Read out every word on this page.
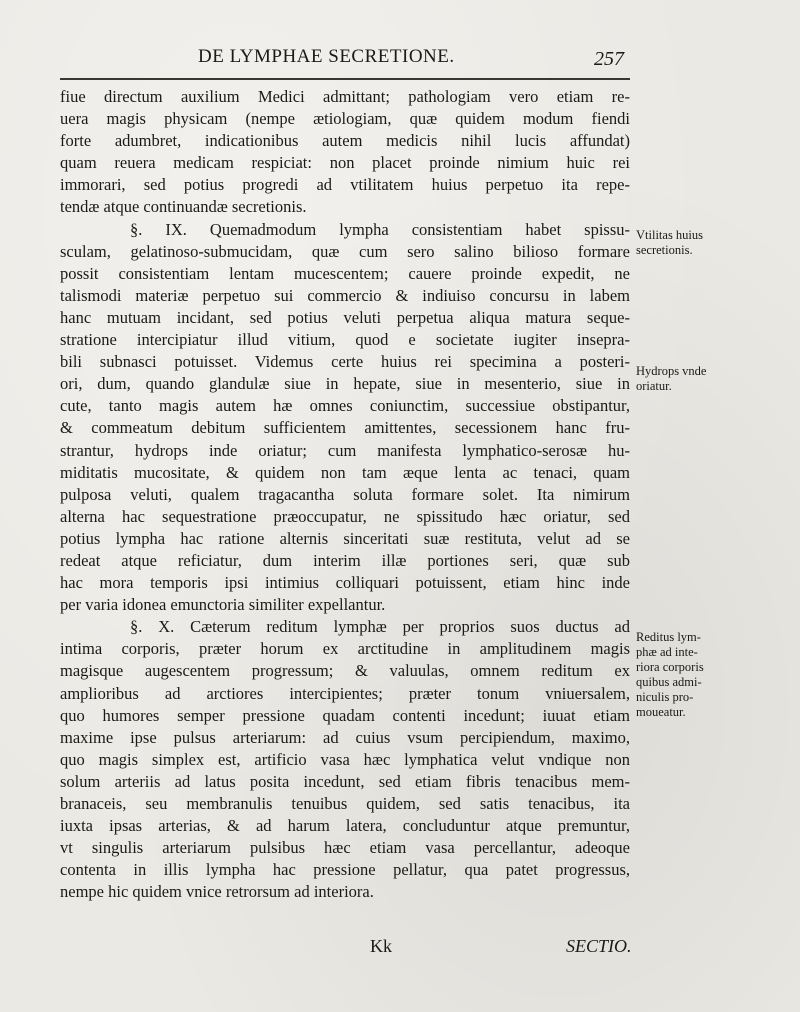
DE LYMPHAE SECRETIONE.	257
fiue directum auxilium Medici admittant; pathologiam vero etiam re-
uera magis physicam (nempe ætiologiam, quæ quidem modum fiendi
forte adumbret, indicationibus autem medicis nihil lucis affundat)
quam reuera medicam respiciat: non placet proinde nimium huic rei
immorari, sed potius progredi ad vtilitatem huius perpetuo ita repe-
tendæ atque continuandæ secretionis.
§. IX. Quemadmodum lympha consistentiam habet spissu-
sculam, gelatinoso-submucidam, quæ cum sero salino bilioso formare
possit consistentiam lentam mucescentem; cauere proinde expedit, ne
talismodi materiæ perpetuo sui commercio & indiuiso concursu in labem
hanc mutuam incidant, sed potius veluti perpetua aliqua matura seque-
stratione intercipiatur illud vitium, quod e societate iugiter insepra-
bili subnasci potuisset. Videmus certe huius rei specimina a posteri-
ori, dum, quando glandulæ siue in hepate, siue in mesenterio, siue in
cute, tanto magis autem hæ omnes coniunctim, successiue obstipantur,
& commeatum debitum sufficientem amittentes, secessionem hanc fru-
strantur, hydrops inde oriatur; cum manifesta lymphatico-serosæ hu-
miditatis mucositate, & quidem non tam æque lenta ac tenaci, quam
pulposa veluti, qualem tragacantha soluta formare solet. Ita nimirum
alterna hac sequestratione præoccupatur, ne spissitudo hæc oriatur, sed
potius lympha hac ratione alternis sinceritati suæ restituta, velut ad se
redeat atque reficiatur, dum interim illæ portiones seri, quæ sub
hac mora temporis ipsi intimius colliquari potuissent, etiam hinc inde
per varia idonea emunctoria similiter expellantur.
§. X. Cæterum reditum lymphæ per proprios suos ductus ad
intima corporis, præter horum ex arctitudine in amplitudinem magis
magisque augescentem progressum; & valuulas, omnem reditum ex
amplioribus ad arctiores intercipientes; præter tonum vniuersalem,
quo humores semper pressione quadam contenti incedunt; iuuat etiam
maxime ipse pulsus arteriarum: ad cuius vsum percipiendum, maximo,
quo magis simplex est, artificio vasa hæc lymphatica velut vndique non
solum arteriis ad latus posita incedunt, sed etiam fibris tenacibus mem-
branaceis, seu membranulis tenuibus quidem, sed satis tenacibus, ita
iuxta ipsas arterias, & ad harum latera, concluduntur atque premuntur,
vt singulis arteriarum pulsibus hæc etiam vasa percellantur, adeoque
contenta in illis lympha hac pressione pellatur, qua patet progressus,
nempe hic quidem vnice retrorsum ad interiora.
Vtilitas huius
secretionis.
Hydrops vnde
oriatur.
Reditus lym-
phæ ad inte-
riora corporis
quibus admi-
niculis pro-
moueatur.
Kk	SECTIO.
